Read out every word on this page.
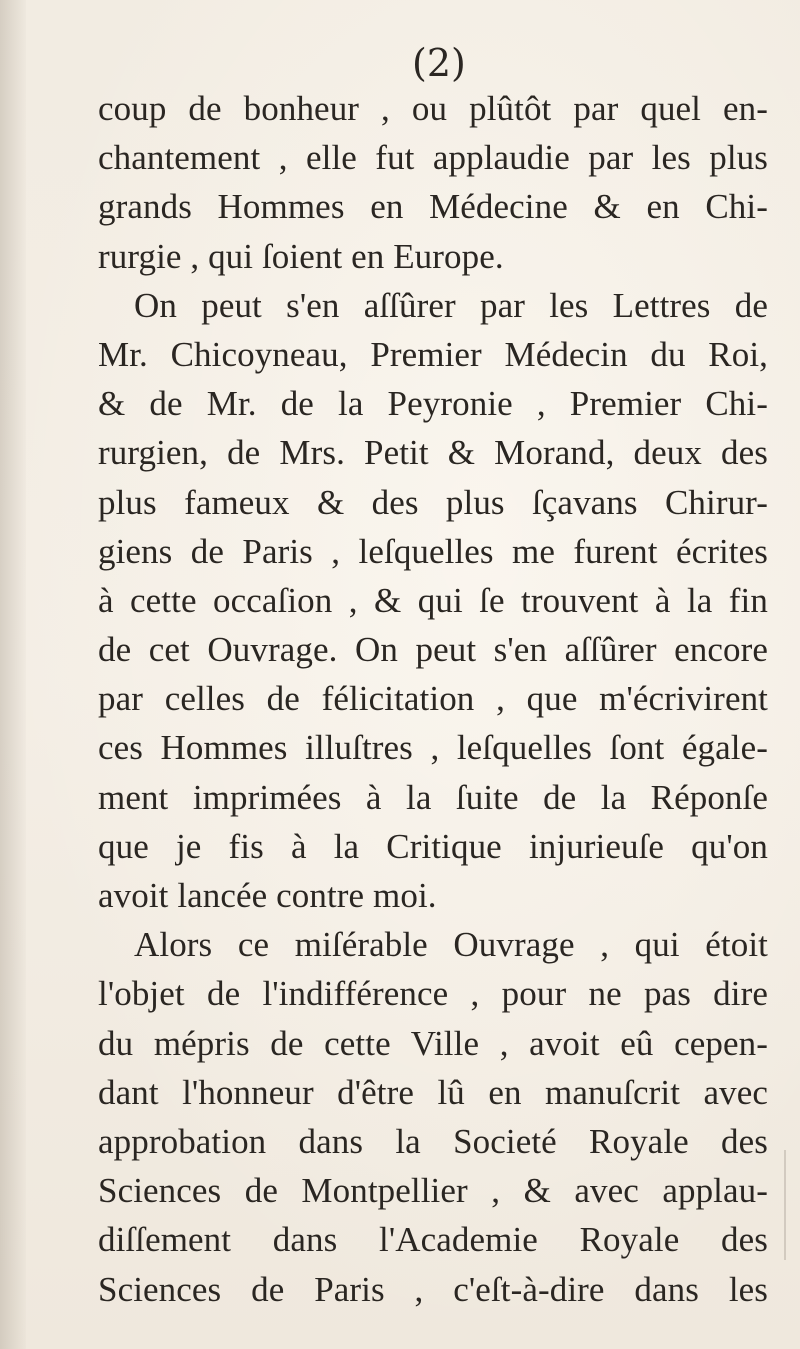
(2)
coup de bonheur , ou plûtôt par quel en-
chantement , elle fut applaudie par les plus
grands Hommes en Médecine & en Chi-
rurgie , qui ſoient en Europe.
On peut s'en aſſûrer par les Lettres de
Mr. Chicoyneau, Premier Médecin du Roi,
& de Mr. de la Peyronie , Premier Chi-
rurgien, de Mrs. Petit & Morand, deux des
plus fameux & des plus ſçavans Chirur-
giens de Paris , leſquelles me furent écrites
à cette occaſion , & qui ſe trouvent à la fin
de cet Ouvrage. On peut s'en aſſûrer encore
par celles de félicitation , que m'écrivirent
ces Hommes illuſtres , leſquelles ſont égale-
ment imprimées à la ſuite de la Réponſe
que je fis à la Critique injurieuſe qu'on
avoit lancée contre moi.
Alors ce miſérable Ouvrage , qui étoit
l'objet de l'indifférence , pour ne pas dire
du mépris de cette Ville , avoit eû cepen-
dant l'honneur d'être lû en manuſcrit avec
approbation dans la Societé Royale des
Sciences de Montpellier , & avec applau-
diſſement dans l'Academie Royale des
Sciences de Paris , c'eſt-à-dire dans les
